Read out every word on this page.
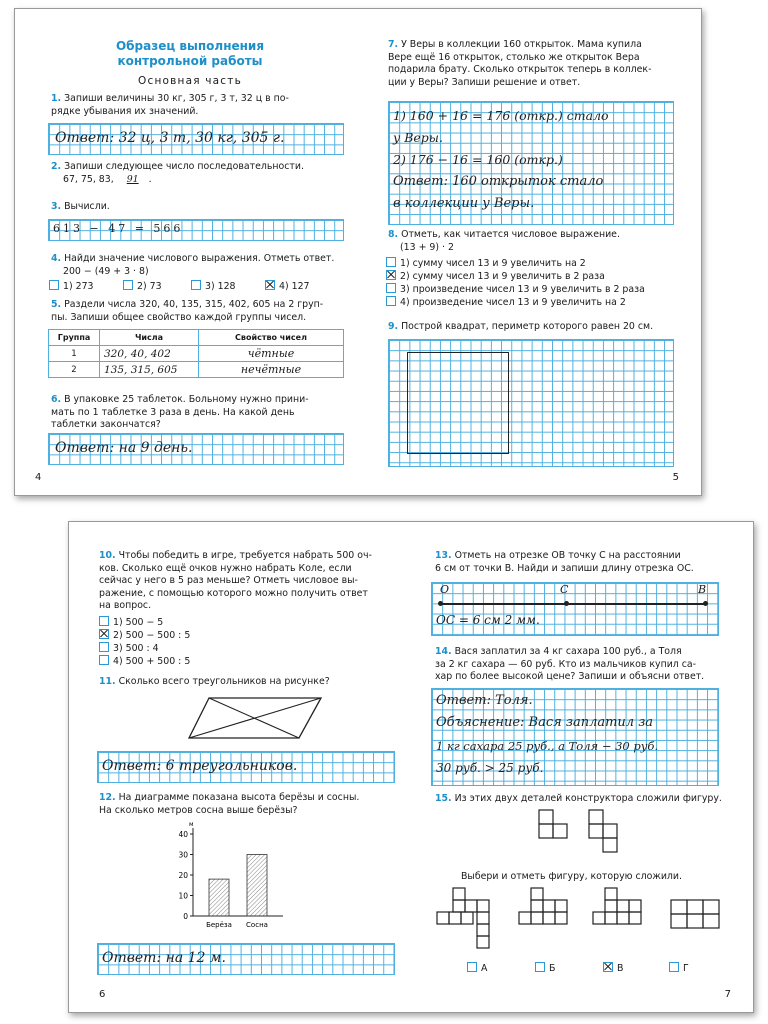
Образец выполнения
контрольной работы
Основная часть
1. Запиши величины 30 кг, 305 г, 3 т, 32 ц в по-
рядке убывания их значений.
Ответ: 32 ц, 3 т, 30 кг, 305 г.
2. Запиши следующее число последовательности.
67, 75, 83, 91 .
3. Вычисли.
613 − 47 = 566
4. Найди значение числового выражения. Отметь ответ.
200 − (49 + 3 · 8)
1) 273	2) 73	3) 128	4) 127
5. Раздели числа 320, 40, 135, 315, 402, 605 на 2 груп-
пы. Запиши общее свойство каждой группы чисел.
Группа	Числа	Свойство чисел
1	320, 40, 402	чётные
2	135, 315, 605	нечётные
6. В упаковке 25 таблеток. Больному нужно прини-
мать по 1 таблетке 3 раза в день. На какой день
таблетки закончатся?
Ответ: на 9 день.
4
7. У Веры в коллекции 160 открыток. Мама купила
Вере ещё 16 открыток, столько же открыток Вера
подарила брату. Сколько открыток теперь в коллек-
ции у Веры? Запиши решение и ответ.
1) 160 + 16 = 176 (откр.) стало
у Веры.
2) 176 − 16 = 160 (откр.)
Ответ: 160 открыток стало
в коллекции у Веры.
8. Отметь, как читается числовое выражение.
(13 + 9) · 2
1) сумму чисел 13 и 9 увеличить на 2
2) сумму чисел 13 и 9 увеличить в 2 раза
3) произведение чисел 13 и 9 увеличить в 2 раза
4) произведение чисел 13 и 9 увеличить на 2
9. Построй квадрат, периметр которого равен 20 см.
5
10. Чтобы победить в игре, требуется набрать 500 оч-
ков. Сколько ещё очков нужно набрать Коле, если
сейчас у него в 5 раз меньше? Отметь числовое вы-
ражение, с помощью которого можно получить ответ
на вопрос.
1) 500 − 5
2) 500 − 500 : 5
3) 500 : 4
4) 500 + 500 : 5
11. Сколько всего треугольников на рисунке?
Ответ: 6 треугольников.
12. На диаграмме показана высота берёзы и сосны.
На сколько метров сосна выше берёзы?
м
0
10
20
30
40
Берёза Сосна
Ответ: на 12 м.
6
13. Отметь на отрезке OB точку C на расстоянии
6 см от точки B. Найди и запиши длину отрезка OC.
O	C	B
OC = 6 см 2 мм.
14. Вася заплатил за 4 кг сахара 100 руб., а Толя
за 2 кг сахара — 60 руб. Кто из мальчиков купил са-
хар по более высокой цене? Запиши и объясни ответ.
Ответ: Толя.
Объяснение: Вася заплатил за
1 кг сахара 25 руб., а Толя − 30 руб.
30 руб. > 25 руб.
15. Из этих двух деталей конструктора сложили фигуру.
Выбери и отметь фигуру, которую сложили.
А	Б	В	Г
7
